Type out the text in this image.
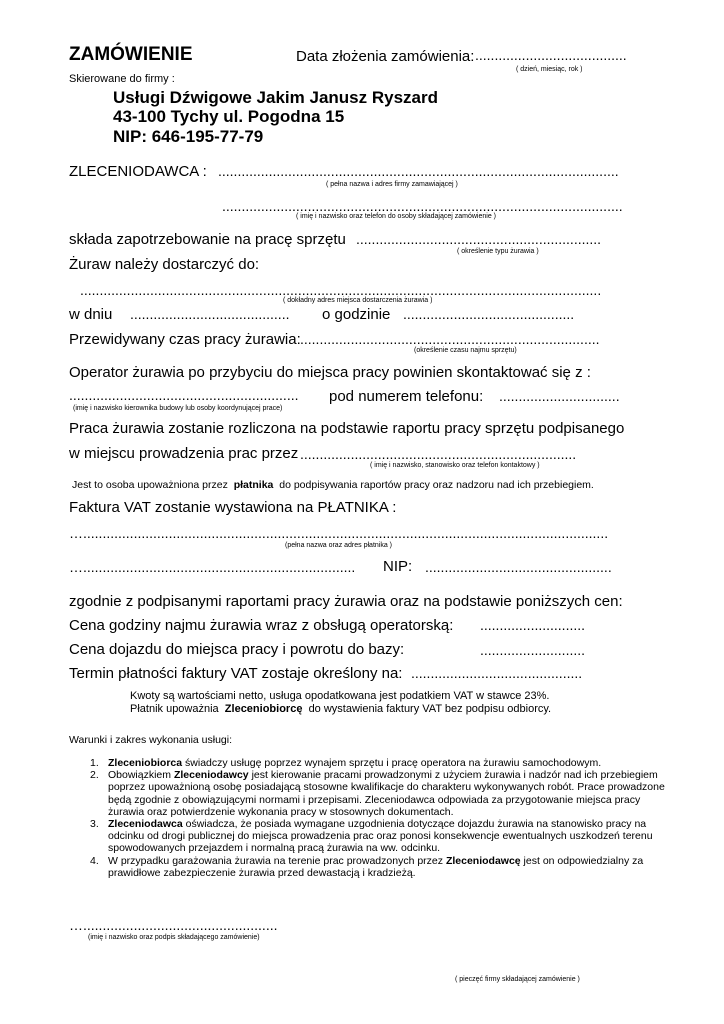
ZAMÓWIENIE	Data złożenia zamówienia: .......................................
( dzień, miesiąc, rok )
Skierowane do firmy :
Usługi Dźwigowe Jakim Janusz Ryszard
43-100 Tychy ul. Pogodna 15
NIP: 646-195-77-79
ZLECENIODAWCA : .......................................................................................................
( pełna nazwa i adres firmy zamawiającej )
.......................................................................................................
( imię i nazwisko oraz telefon do osoby składającej zamówienie )
składa zapotrzebowanie na pracę sprzętu ...............................................................
( określenie typu żurawia )
Żuraw należy dostarczyć do:
......................................................................................................................................
( dokładny adres miejsca dostarczenia żurawia )
w dniu ......................................... o godzinie ............................................
Przewidywany czas pracy żurawia: .............................................................................
(określenie czasu najmu sprzętu)
Operator żurawia po przybyciu do miejsca pracy powinien skontaktować się z :
...........................................................
(imię i nazwisko kierownika budowy lub osoby koordynującej prace)
pod numerem telefonu: ...............................
Praca żurawia zostanie rozliczona na podstawie raportu pracy sprzętu podpisanego
w miejscu prowadzenia prac przez .......................................................................
( imię i nazwisko, stanowisko oraz telefon kontaktowy )
Jest to osoba upoważniona przez płatnika do podpisywania raportów pracy oraz nadzoru nad ich przebiegiem.
Faktura VAT zostanie wystawiona na PŁATNIKA :
….......................................................................................................................................
(pełna nazwa oraz adres płatnika )
…...................................................................... NIP: ................................................
zgodnie z podpisanymi raportami pracy żurawia oraz na podstawie poniższych cen:
Cena godziny najmu żurawia wraz z obsługą operatorską: ...........................
Cena dojazdu do miejsca pracy i powrotu do bazy:	...........................
Termin płatności faktury VAT zostaje określony na: ............................................
Kwoty są wartościami netto, usługa opodatkowana jest podatkiem VAT w stawce 23%.
Płatnik upoważnia Zleceniobiorcę do wystawienia faktury VAT bez podpisu odbiorcy.
Warunki i zakres wykonania usługi:
1. Zleceniobiorca świadczy usługę poprzez wynajem sprzętu i pracę operatora na żurawiu samochodowym.
2. Obowiązkiem Zleceniodawcy jest kierowanie pracami prowadzonymi z użyciem żurawia i nadzór nad ich przebiegiem poprzez upoważnioną osobę posiadającą stosowne kwalifikacje do charakteru wykonywanych robót. Prace prowadzone będą zgodnie z obowiązującymi normami i przepisami. Zleceniodawca odpowiada za przygotowanie miejsca pracy żurawia oraz potwierdzenie wykonania pracy w stosownych dokumentach.
3. Zleceniodawca oświadcza, że posiada wymagane uzgodnienia dotyczące dojazdu żurawia na stanowisko pracy na odcinku od drogi publicznej do miejsca prowadzenia prac oraz ponosi konsekwencje ewentualnych uszkodzeń terenu spowodowanych przejazdem i normalną pracą żurawia na ww. odcinku.
4. W przypadku garażowania żurawia na terenie prac prowadzonych przez Zleceniodawcę jest on odpowiedzialny za prawidłowe zabezpieczenie żurawia przed dewastacją i kradzieżą.
…..................................................
(imię i nazwisko oraz podpis składającego zamówienie)
( pieczęć firmy składającej zamówienie )
